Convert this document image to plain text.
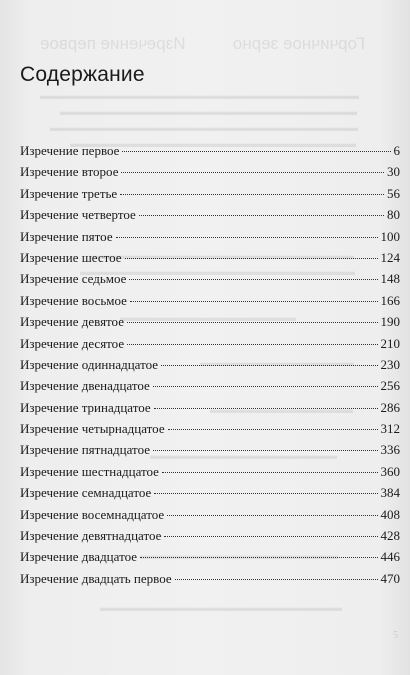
Горчичное зерно          Изречение первое
▬▬▬▬▬▬▬▬▬▬▬▬▬▬▬▬▬▬▬▬▬▬▬▬▬▬▬▬▬
▬▬▬▬▬▬▬▬▬▬▬▬▬▬▬▬▬▬▬▬▬▬▬▬▬▬▬
▬▬▬▬▬▬▬▬▬▬▬▬▬▬▬▬▬▬▬▬▬▬▬▬▬▬▬▬
▬▬▬▬▬▬▬▬▬▬▬▬▬▬▬▬▬▬▬▬▬▬▬▬▬▬
▬▬▬▬▬▬▬▬▬▬▬▬▬▬▬▬▬▬▬▬▬▬▬▬
▬▬▬▬▬▬▬▬▬▬▬▬▬▬▬▬▬▬▬▬▬▬▬▬▬
▬▬▬▬▬▬▬▬▬▬▬▬▬▬▬▬
▬▬▬▬▬▬▬▬▬▬▬▬▬▬
▬▬▬▬▬▬▬▬▬▬▬▬▬
▬▬▬▬▬▬▬▬▬▬▬▬▬▬▬▬▬
▬▬▬▬▬▬▬▬▬▬▬▬▬▬▬▬▬▬
▬▬▬▬▬▬▬▬▬▬▬▬▬▬▬▬▬▬▬▬▬▬
Содержание
Изречение первое	6
Изречение второе	30
Изречение третье	56
Изречение четвертое	80
Изречение пятое	100
Изречение шестое	124
Изречение седьмое	148
Изречение восьмое	166
Изречение девятое	190
Изречение десятое	210
Изречение одиннадцатое	230
Изречение двенадцатое	256
Изречение тринадцатое	286
Изречение четырнадцатое	312
Изречение пятнадцатое	336
Изречение шестнадцатое	360
Изречение семнадцатое	384
Изречение восемнадцатое	408
Изречение девятнадцатое	428
Изречение двадцатое	446
Изречение двадцать первое	470
5
